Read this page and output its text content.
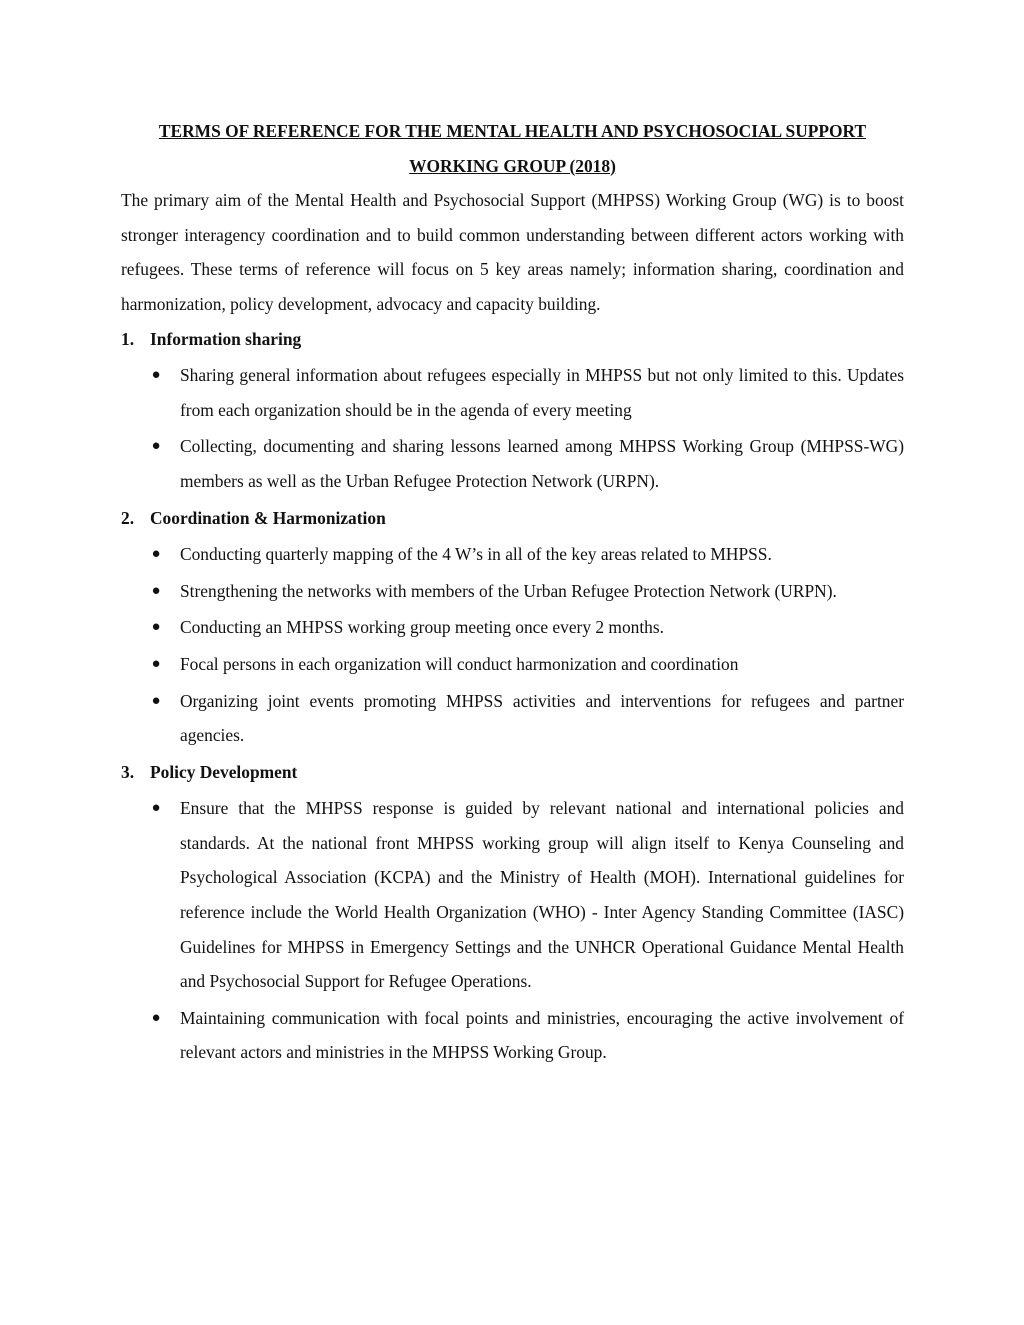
TERMS OF REFERENCE FOR THE MENTAL HEALTH AND PSYCHOSOCIAL SUPPORT WORKING GROUP (2018)

The primary aim of the Mental Health and Psychosocial Support (MHPSS) Working Group (WG) is to boost stronger interagency coordination and to build common understanding between different actors working with refugees. These terms of reference will focus on 5 key areas namely; information sharing, coordination and harmonization, policy development, advocacy and capacity building.

1. Information sharing
● Sharing general information about refugees especially in MHPSS but not only limited to this. Updates from each organization should be in the agenda of every meeting
● Collecting, documenting and sharing lessons learned among MHPSS Working Group (MHPSS-WG) members as well as the Urban Refugee Protection Network (URPN).
2. Coordination & Harmonization
● Conducting quarterly mapping of the 4 W’s in all of the key areas related to MHPSS.
● Strengthening the networks with members of the Urban Refugee Protection Network (URPN).
● Conducting an MHPSS working group meeting once every 2 months.
● Focal persons in each organization will conduct harmonization and coordination
● Organizing joint events promoting MHPSS activities and interventions for refugees and partner agencies.
3. Policy Development
● Ensure that the MHPSS response is guided by relevant national and international policies and standards. At the national front MHPSS working group will align itself to Kenya Counseling and Psychological Association (KCPA) and the Ministry of Health (MOH). International guidelines for reference include the World Health Organization (WHO) - Inter Agency Standing Committee (IASC) Guidelines for MHPSS in Emergency Settings and the UNHCR Operational Guidance Mental Health and Psychosocial Support for Refugee Operations.
● Maintaining communication with focal points and ministries, encouraging the active involvement of relevant actors and ministries in the MHPSS Working Group.
